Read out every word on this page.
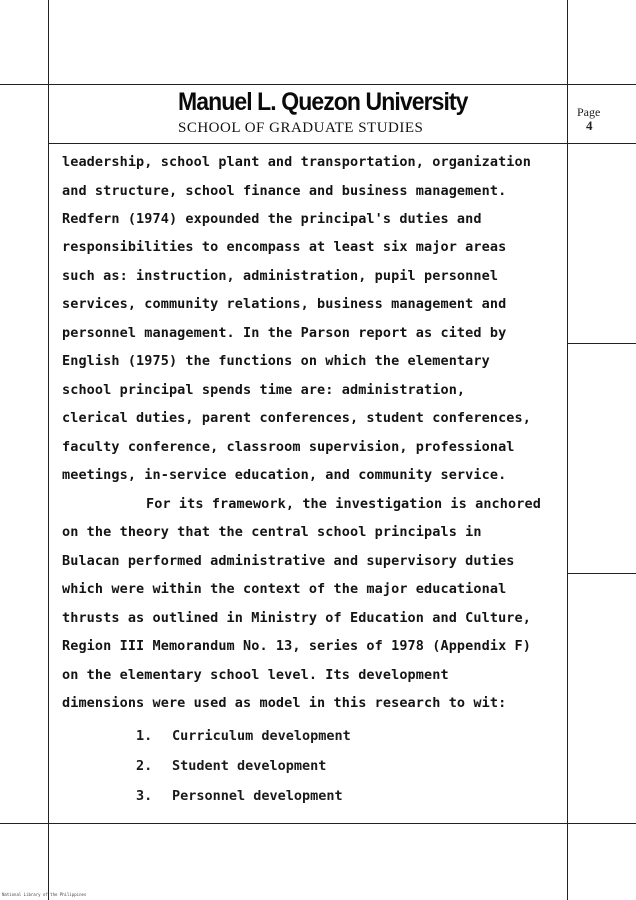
Manuel L. Quezon University
SCHOOL OF GRADUATE STUDIES
Page
4
leadership, school plant and transportation, organization
and structure, school finance and business management.
Redfern (1974) expounded the principal's duties and
responsibilities to encompass at least six major areas
such as: instruction, administration, pupil personnel
services, community relations, business management and
personnel management. In the Parson report as cited by
English (1975) the functions on which the elementary
school principal spends time are: administration,
clerical duties, parent conferences, student conferences,
faculty conference, classroom supervision, professional
meetings, in-service education, and community service.
For its framework, the investigation is anchored
on the theory that the central school principals in
Bulacan performed administrative and supervisory duties
which were within the context of the major educational
thrusts as outlined in Ministry of Education and Culture,
Region III Memorandum No. 13, series of 1978 (Appendix F)
on the elementary school level. Its development
dimensions were used as model in this research to wit:
1. Curriculum development
2. Student development
3. Personnel development
National Library of the Philippines
